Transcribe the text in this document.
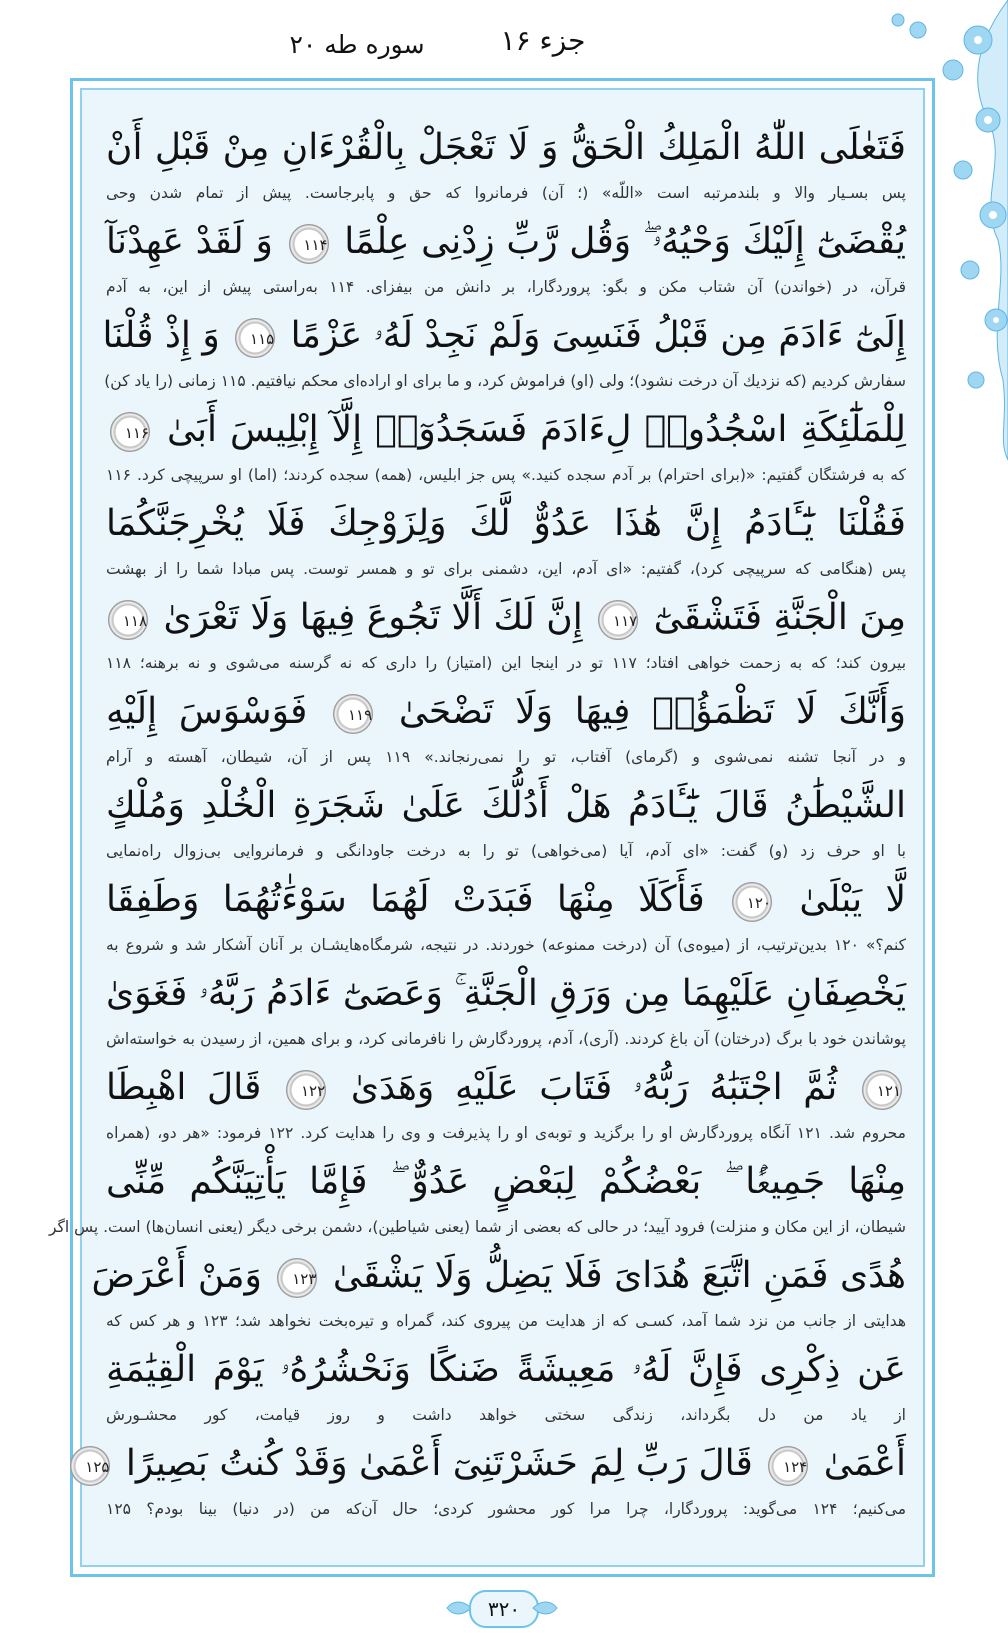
جزء ۱۶
سوره طه ۲۰
فَتَعٰلَى اللّٰهُ الْمَلِكُ الْحَقُّ وَ لَا تَعْجَلْ بِالْقُرْءَانِ مِنْ قَبْلِ أَنْ
پس بسـیار والا و بلندمرتبه است «اللّه» (؛ آن) فرمانروا كه حق و پابرجاست. پیش از تمام شدن وحی
يُقْضَىٰٓ إِلَيْكَ وَحْيُهُۥ ۖ وَقُل رَّبِّ زِدْنِى عِلْمًا ۱۱۴ وَ لَقَدْ عَهِدْنَآ
قرآن، در (خواندن) آن شتاب مكن و بگو: پروردگارا، بر دانش من بیفزای. ۱۱۴ به‌راستی پیش از این، به آدم
إِلَىٰٓ ءَادَمَ مِن قَبْلُ فَنَسِىَ وَلَمْ نَجِدْ لَهُۥ عَزْمًا ۱۱۵ وَ إِذْ قُلْنَا
سفارش كردیم (كه نزدیك آن درخت نشود)؛ ولی (او) فراموش كرد، و ما برای او اراده‌ای محكم نیافتیم. ۱۱۵ زمانی (را یاد كن)
لِلْمَلَٰٓئِكَةِ اسْجُدُوا۟ لِءَادَمَ فَسَجَدُوٓا۟ إِلَّآ إِبْلِيسَ أَبَىٰ ۱۱۶
كه به فرشتگان گفتیم: «(برای احترام) بر آدم سجده كنید.» پس جز ابلیس، (همه) سجده كردند؛ (اما) او سرپیچی كرد. ۱۱۶
فَقُلْنَا يَٰٓـَٔادَمُ إِنَّ هَٰذَا عَدُوٌّ لَّكَ وَلِزَوْجِكَ فَلَا يُخْرِجَنَّكُمَا
پس (هنگامی كه سرپیچی كرد)، گفتیم: «ای آدم، این، دشمنی برای تو و همسر توست. پس مبادا شما را از بهشت
مِنَ الْجَنَّةِ فَتَشْقَىٰٓ ۱۱۷ إِنَّ لَكَ أَلَّا تَجُوعَ فِيهَا وَلَا تَعْرَىٰ ۱۱۸
بیرون كند؛ كه به زحمت خواهی افتاد؛ ۱۱۷ تو در اینجا این (امتیاز) را داری كه نه گرسنه می‌شوی و نه برهنه؛ ۱۱۸
وَأَنَّكَ لَا تَظْمَؤُا۟ فِيهَا وَلَا تَضْحَىٰ ۱۱۹ فَوَسْوَسَ إِلَيْهِ
و در آنجا تشنه نمی‌شوی و (گرمای) آفتاب، تو را نمی‌رنجاند.» ۱۱۹ پس از آن، شیطان، آهسته و آرام
الشَّيْطَٰنُ قَالَ يَٰٓـَٔادَمُ هَلْ أَدُلُّكَ عَلَىٰ شَجَرَةِ الْخُلْدِ وَمُلْكٍ
با او حرف زد (و) گفت: «ای آدم، آیا (می‌خواهی) تو را به درخت جاودانگی و فرمانروایی بی‌زوال راه‌نمایی
لَّا يَبْلَىٰ ۱۲۰ فَأَكَلَا مِنْهَا فَبَدَتْ لَهُمَا سَوْءَٰتُهُمَا وَطَفِقَا
كنم؟» ۱۲۰ بدین‌ترتیب، از (میوه‌ی) آن (درخت ممنوعه) خوردند. در نتیجه، شرمگاه‌هایشـان بر آنان آشكار شد و شروع به
يَخْصِفَانِ عَلَيْهِمَا مِن وَرَقِ الْجَنَّةِ ۚ وَعَصَىٰٓ ءَادَمُ رَبَّهُۥ فَغَوَىٰ
پوشاندن خود با برگ (درختان) آن باغ كردند. (آری)، آدم، پروردگارش را نافرمانی كرد، و برای همین، از رسیدن به خواسته‌اش
۱۲۱ ثُمَّ اجْتَبَٰهُ رَبُّهُۥ فَتَابَ عَلَيْهِ وَهَدَىٰ ۱۲۲ قَالَ اهْبِطَا
محروم شد. ۱۲۱ آنگاه پروردگارش او را برگزید و توبه‌ی او را پذیرفت و وی را هدایت كرد. ۱۲۲ فرمود: «هر دو، (همراه
مِنْهَا جَمِيعًۢا ۖ بَعْضُكُمْ لِبَعْضٍ عَدُوٌّ ۖ فَإِمَّا يَأْتِيَنَّكُم مِّنِّى
شیطان، از این مكان و منزلت) فرود آیید؛ در حالی كه بعضی از شما (یعنی شیاطین)، دشمن برخی دیگر (یعنی انسان‌ها) است. پس اگر
هُدًى فَمَنِ اتَّبَعَ هُدَاىَ فَلَا يَضِلُّ وَلَا يَشْقَىٰ ۱۲۳ وَمَنْ أَعْرَضَ
هدایتی از جانب من نزد شما آمد، كسـی كه از هدایت من پیروی كند، گمراه و تیره‌بخت نخواهد شد؛ ۱۲۳ و هر كس كه
عَن ذِكْرِى فَإِنَّ لَهُۥ مَعِيشَةً ضَنكًا وَنَحْشُرُهُۥ يَوْمَ الْقِيَٰمَةِ
از یاد من دل بگرداند، زندگی سختی خواهد داشت و روز قیامت، كور محشـورش
أَعْمَىٰ ۱۲۴ قَالَ رَبِّ لِمَ حَشَرْتَنِىٓ أَعْمَىٰ وَقَدْ كُنتُ بَصِيرًا ۱۲۵
می‌كنیم؛ ۱۲۴ می‌گوید: پروردگارا، چرا مرا كور محشور كردی؛ حال آن‌كه من (در دنیا) بینا بودم؟ ۱۲۵
۳۲۰
